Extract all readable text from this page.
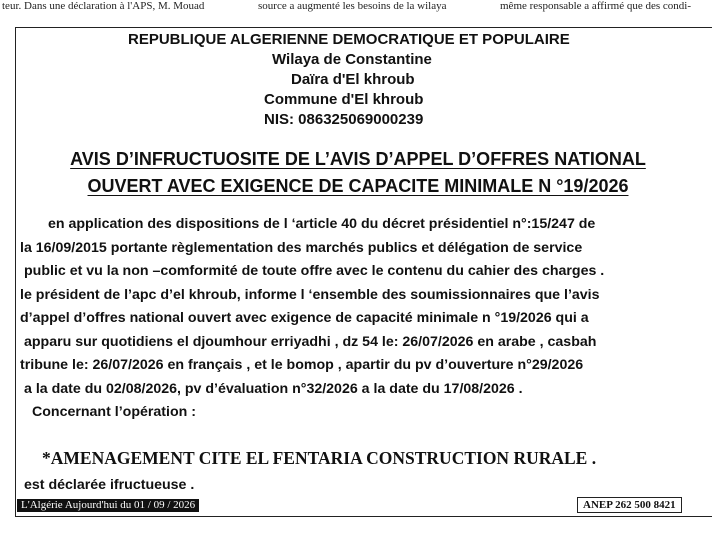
teur. Dans une déclaration à l'APS, M. Mouad	source a augmenté les besoins de la wilaya	même responsable a affirmé que des condi-
REPUBLIQUE ALGERIENNE DEMOCRATIQUE ET POPULAIRE
Wilaya de Constantine
Daïra d'El khroub
Commune d'El khroub
NIS: 086325069000239
AVIS D’INFRUCTUOSITE DE L’AVIS D’APPEL D’OFFRES NATIONAL
OUVERT AVEC EXIGENCE DE CAPACITE MINIMALE N °19/2026
en application des dispositions de l ‘article 40 du décret présidentiel n°:15/247 de
la 16/09/2015 portante règlementation des marchés publics et délégation de service
public et vu la non –comformité de toute offre avec le contenu du cahier des charges .
le président de l’apc d’el khroub, informe l ‘ensemble des soumissionnaires que l’avis
d’appel d’offres national ouvert avec exigence de capacité minimale n °19/2026 qui a
apparu sur quotidiens el djoumhour erriyadhi , dz 54 le: 26/07/2026 en arabe , casbah
tribune le: 26/07/2026 en français , et le bomop , apartir du pv d’ouverture n°29/2026
a la date du 02/08/2026, pv d’évaluation n°32/2026 a la date du 17/08/2026 .
Concernant l’opération :
*AMENAGEMENT CITE EL FENTARIA CONSTRUCTION RURALE .
est déclarée ifructueuse .
L'Algérie Aujourd'hui du 01 / 09 / 2026	ANEP 262 500 8421
